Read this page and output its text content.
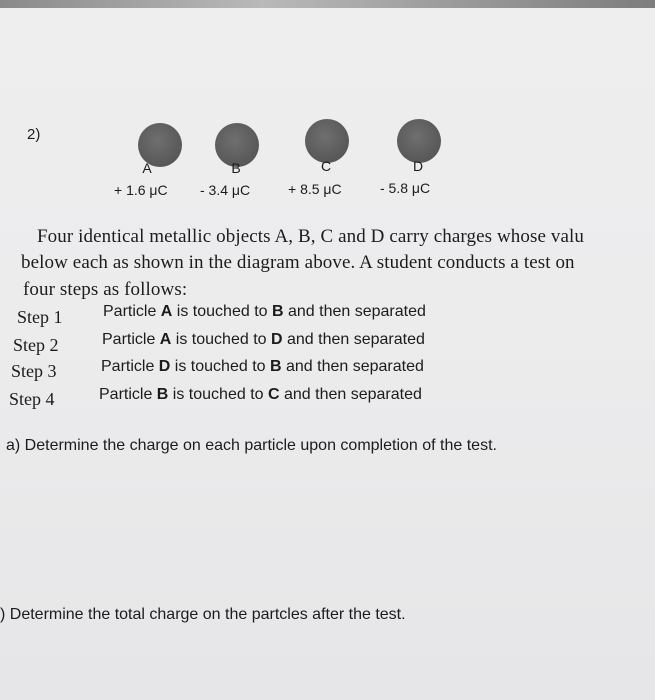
2)
A	B	C	D
+ 1.6 μC - 3.4 μC	+ 8.5 μC	- 5.8 μC
Four identical metallic objects A, B, C and D carry charges whose valu
below each as shown in the diagram above. A student conducts a test on
four steps as follows:
Step 1	Particle A is touched to B and then separated
Step 2	Particle A is touched to D and then separated
Step 3	Particle D is touched to B and then separated
Step 4	Particle B is touched to C and then separated
a) Determine the charge on each particle upon completion of the test.
) Determine the total charge on the partcles after the test.
